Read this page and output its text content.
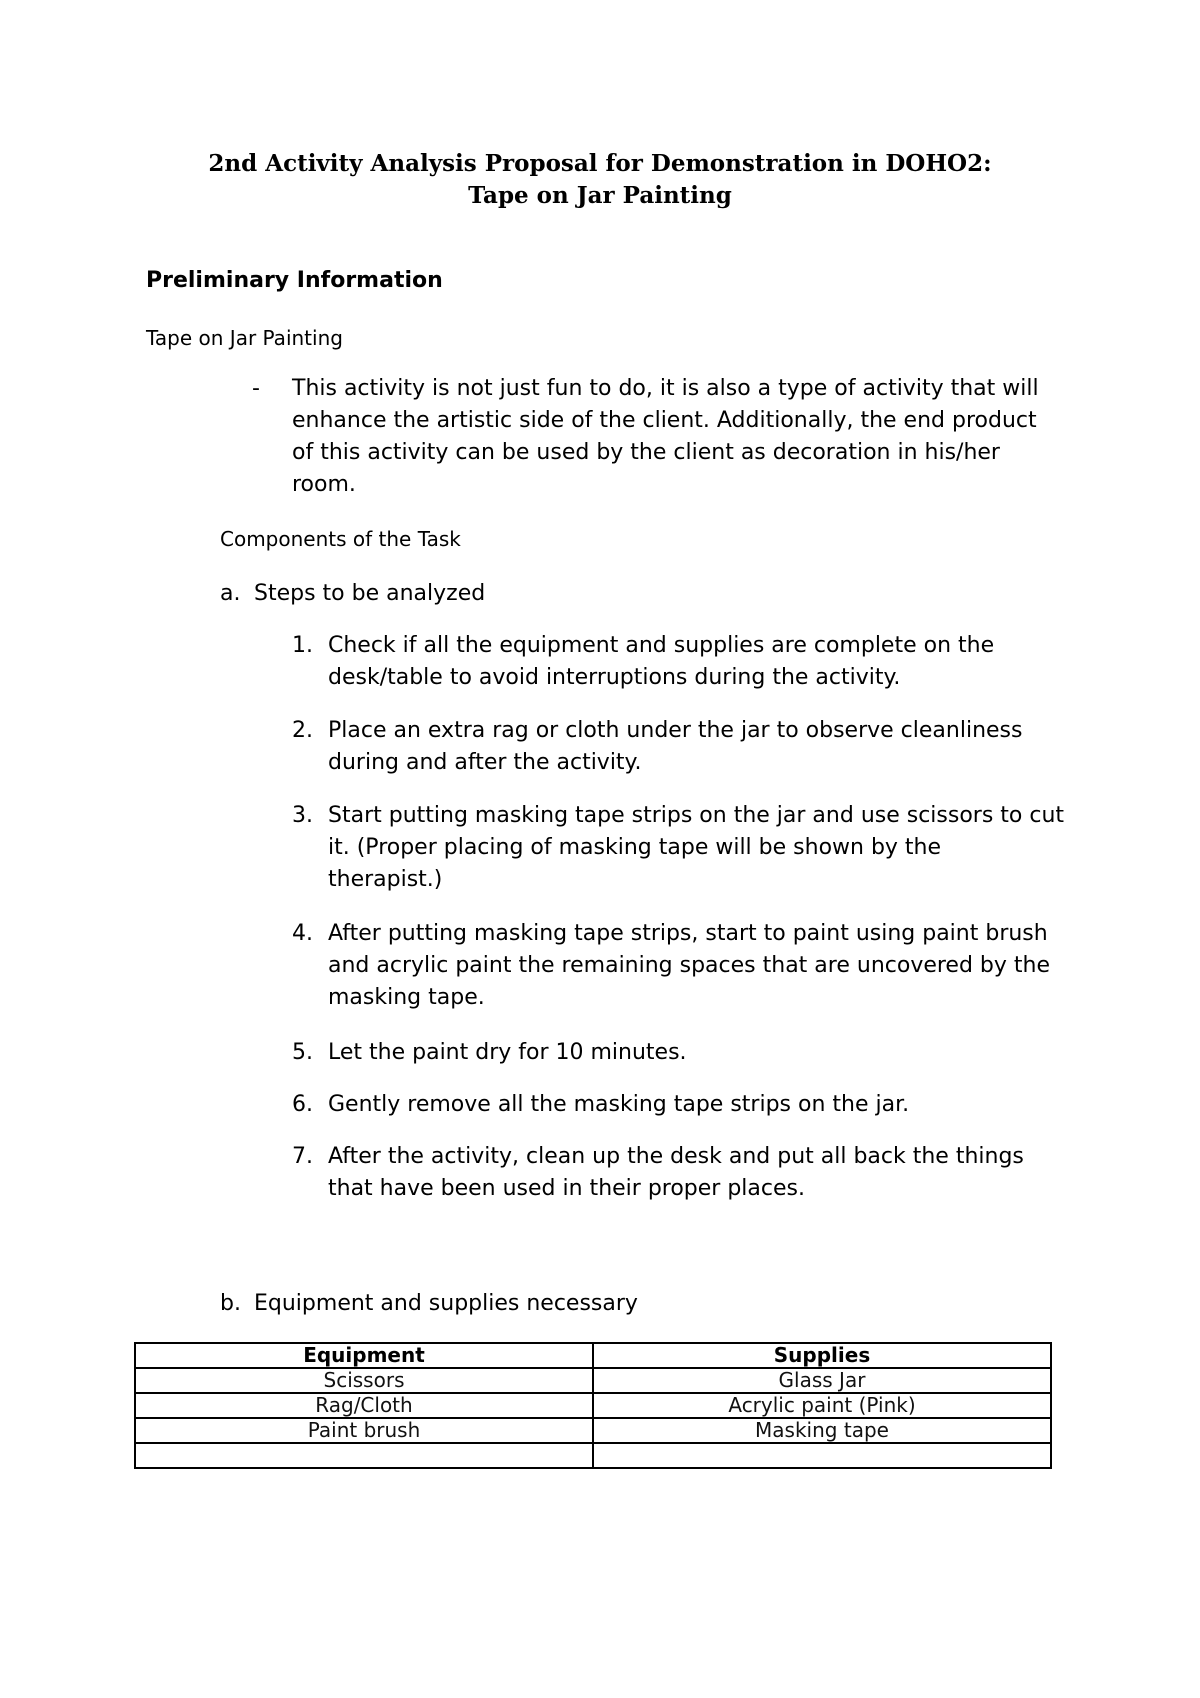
2nd Activity Analysis Proposal for Demonstration in DOHO2:
Tape on Jar Painting
Preliminary Information
Tape on Jar Painting
- This activity is not just fun to do, it is also a type of activity that will
enhance the artistic side of the client. Additionally, the end product
of this activity can be used by the client as decoration in his/her
room.
Components of the Task
a. Steps to be analyzed
1. Check if all the equipment and supplies are complete on the
desk/table to avoid interruptions during the activity.
2. Place an extra rag or cloth under the jar to observe cleanliness
during and after the activity.
3. Start putting masking tape strips on the jar and use scissors to cut
it. (Proper placing of masking tape will be shown by the
therapist.)
4. After putting masking tape strips, start to paint using paint brush
and acrylic paint the remaining spaces that are uncovered by the
masking tape.
5. Let the paint dry for 10 minutes.
6. Gently remove all the masking tape strips on the jar.
7. After the activity, clean up the desk and put all back the things
that have been used in their proper places.
b. Equipment and supplies necessary
Equipment	Supplies
Scissors	Glass Jar
Rag/Cloth	Acrylic paint (Pink)
Paint brush	Masking tape
